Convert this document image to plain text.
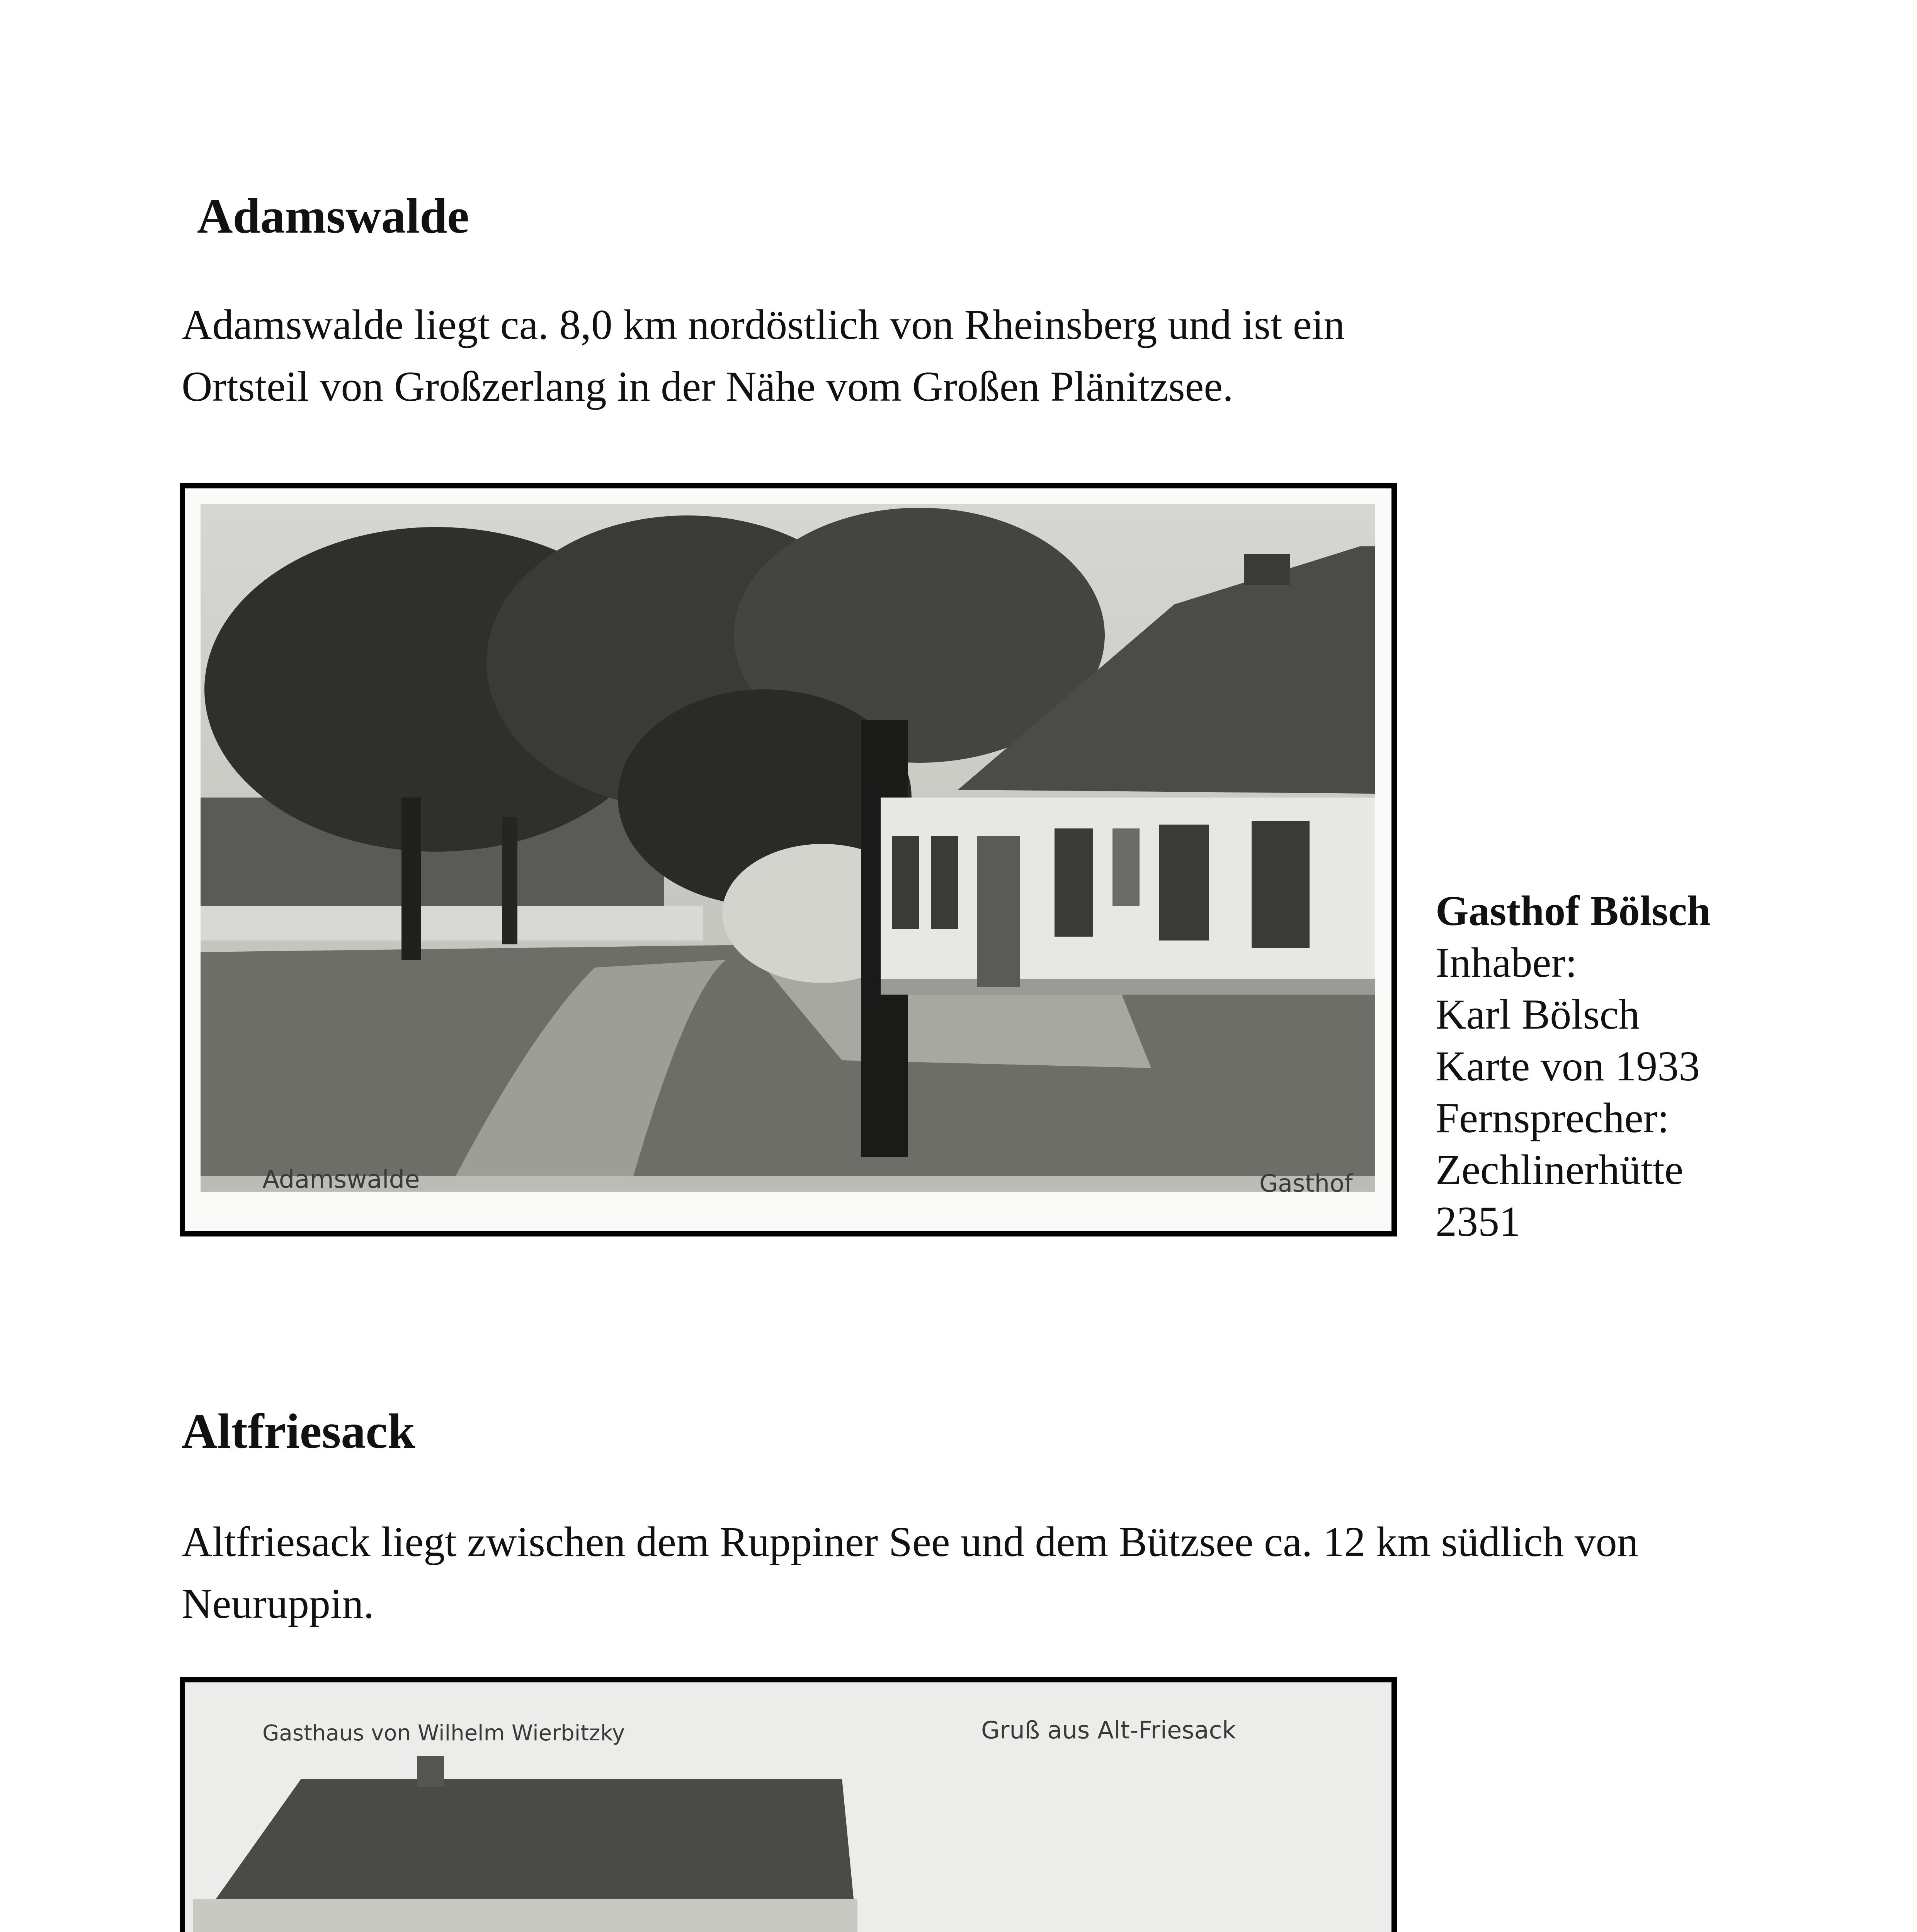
Adamswalde

Adamswalde liegt ca. 8,0 km nordöstlich von Rheinsberg und ist ein
Ortsteil von Großzerlang in der Nähe vom Großen Plänitzsee.

Adamswalde	Gasthof
Gasthof Bölsch
Inhaber:
Karl Bölsch
Karte von 1933
Fernsprecher:
Zechlinerhütte
2351
Altfriesack

Altfriesack liegt zwischen dem Ruppiner See und dem Bützsee ca. 12 km südlich von
Neuruppin.

Gasthaus von Wilhelm Wierbitzky	Gruß aus Alt-Friesack
